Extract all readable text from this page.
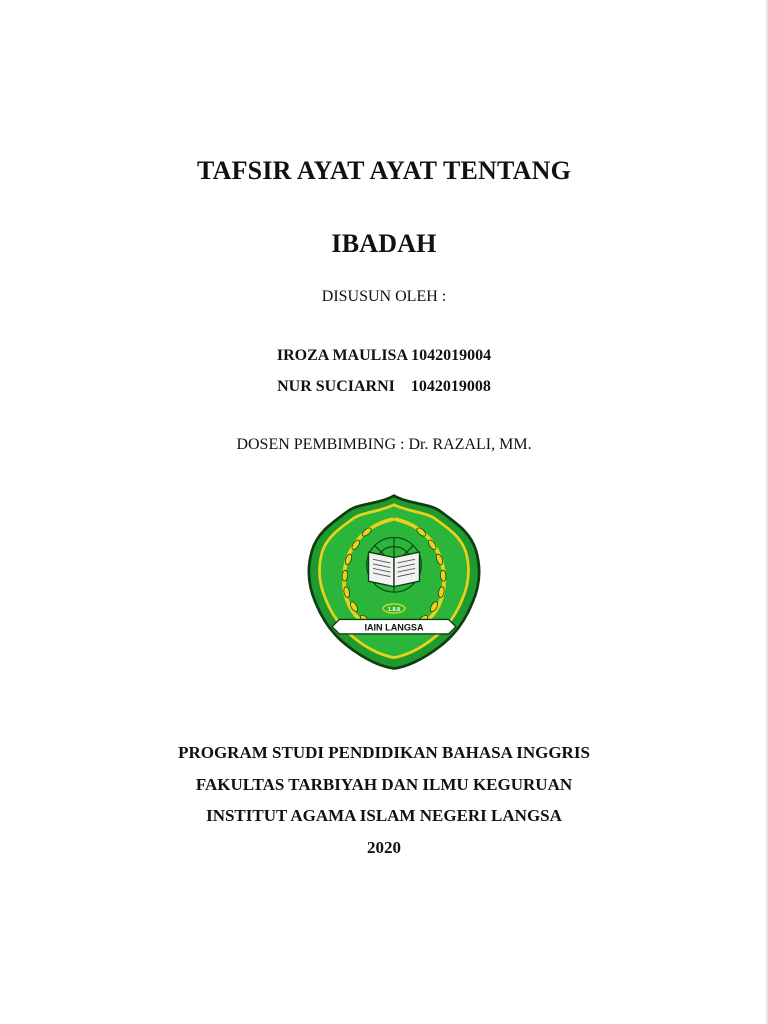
TAFSIR AYAT AYAT TENTANG
IBADAH
DISUSUN OLEH :
IROZA MAULISA 1042019004
NUR SUCIARNI    1042019008
DOSEN PEMBIMBING : Dr. RAZALI, MM.
1.8.8
IAIN LANGSA
PROGRAM STUDI PENDIDIKAN BAHASA INGGRIS
FAKULTAS TARBIYAH DAN ILMU KEGURUAN
INSTITUT AGAMA ISLAM NEGERI LANGSA
2020
